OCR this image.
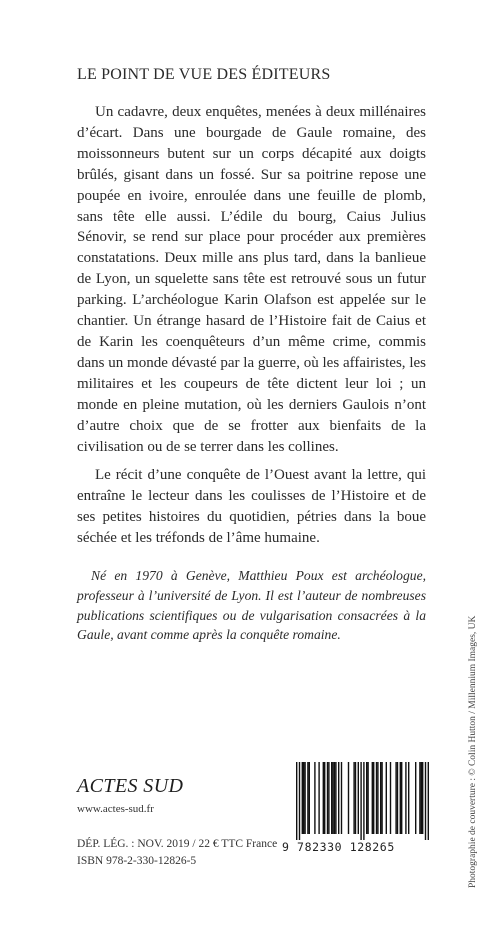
LE POINT DE VUE DES ÉDITEURS

Un cadavre, deux enquêtes, menées à deux millénaires d’écart. Dans une bourgade de Gaule romaine, des moissonneurs butent sur un corps décapité aux doigts brûlés, gisant dans un fossé. Sur sa poitrine repose une poupée en ivoire, enroulée dans une feuille de plomb, sans tête elle aussi. L’édile du bourg, Caius Julius Sénovir, se rend sur place pour procéder aux premières constatations. Deux mille ans plus tard, dans la banlieue de Lyon, un squelette sans tête est retrouvé sous un futur parking. L’archéologue Karin Olafson est appelée sur le chantier. Un étrange hasard de l’Histoire fait de Caius et de Karin les coenquêteurs d’un même crime, commis dans un monde dévasté par la guerre, où les affairistes, les militaires et les coupeurs de tête dictent leur loi ; un monde en pleine mutation, où les derniers Gaulois n’ont d’autre choix que de se frotter aux bienfaits de la civilisation ou de se terrer dans les collines.

Le récit d’une conquête de l’Ouest avant la lettre, qui entraîne le lecteur dans les coulisses de l’Histoire et de ses petites histoires du quotidien, pétries dans la boue séchée et les tréfonds de l’âme humaine.

Né en 1970 à Genève, Matthieu Poux est archéologue, professeur à l’université de Lyon. Il est l’auteur de nombreuses publications scientifiques ou de vulgarisation consacrées à la Gaule, avant comme après la conquête romaine.

ACTES SUD
www.actes-sud.fr
DÉP. LÉG. : NOV. 2019 / 22 € TTC France
ISBN 978-2-330-12826-5
9 782330 128265	Photographie de couverture : © Colin Hutton / Millennium Images, UK
